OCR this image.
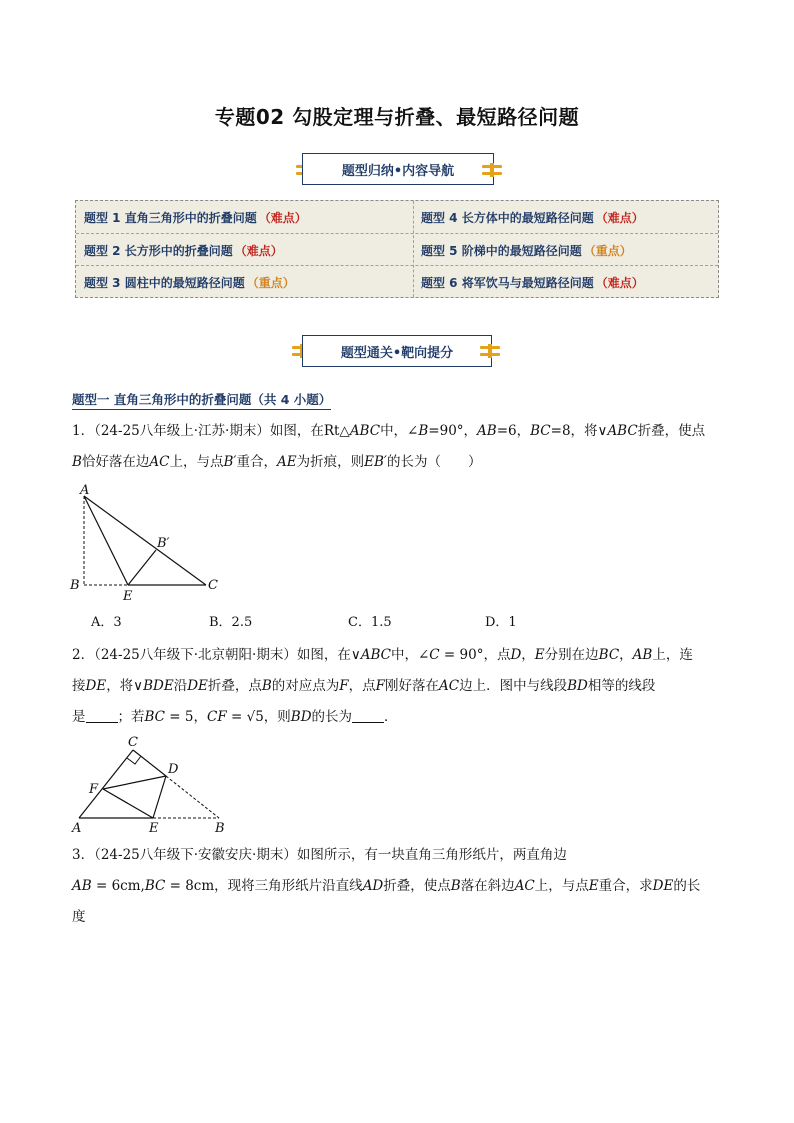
专题02 勾股定理与折叠、最短路径问题
题型归纳•内容导航
题型 1 直角三角形中的折叠问题 （难点）	题型 4 长方体中的最短路径问题 （难点）
题型 2 长方形中的折叠问题 （难点）	题型 5 阶梯中的最短路径问题 （重点）
题型 3 圆柱中的最短路径问题 （重点）	题型 6 将军饮马与最短路径问题 （难点）
题型通关•靶向提分
题型一 直角三角形中的折叠问题（共 4 小题）
1．（24-25八年级上·江苏·期末）如图，在Rt△ABC中，∠B=90°，AB=6，BC=8，将∨ABC折叠，使点
B恰好落在边AC上，与点B′重合，AE为折痕，则EB′的长为（　　）
A
B	C
E
B′
A．3	B．2.5	C．1.5	D．1
2．（24-25八年级下·北京朝阳·期末）如图，在∨ABC中，∠C = 90°，点D，E分别在边BC，AB上，连
接DE，将∨BDE沿DE折叠，点B的对应点为F，点F刚好落在AC边上．图中与线段BD相等的线段
是 ；若BC = 5，CF = √5，则BD的长为 ．
C
D
F
A	E	B
3．（24-25八年级下·安徽安庆·期末）如图所示，有一块直角三角形纸片，两直角边
AB = 6cm,BC = 8cm，现将三角形纸片沿直线AD折叠，使点B落在斜边AC上，与点E重合，求DE的长
度
